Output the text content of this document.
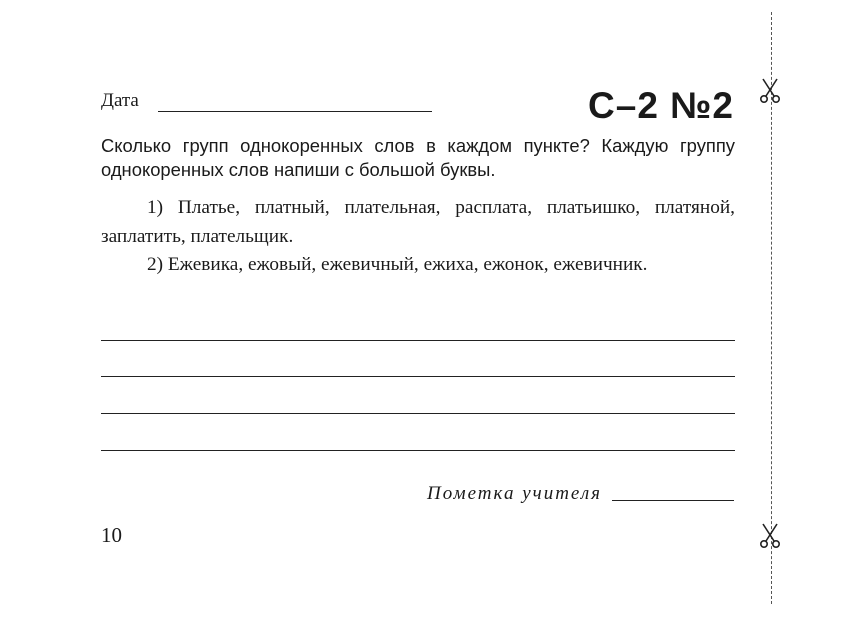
Дата	С–2 №2
Сколько групп однокоренных слов в каждом пункте? Каждую группу однокоренных слов напиши с большой буквы.
1) Платье, платный, плательная, расплата, платьишко, платяной, заплатить, плательщик.
2) Ежевика, ежовый, ежевичный, ежиха, ежонок, ежевичник.
Пометка учителя
10
